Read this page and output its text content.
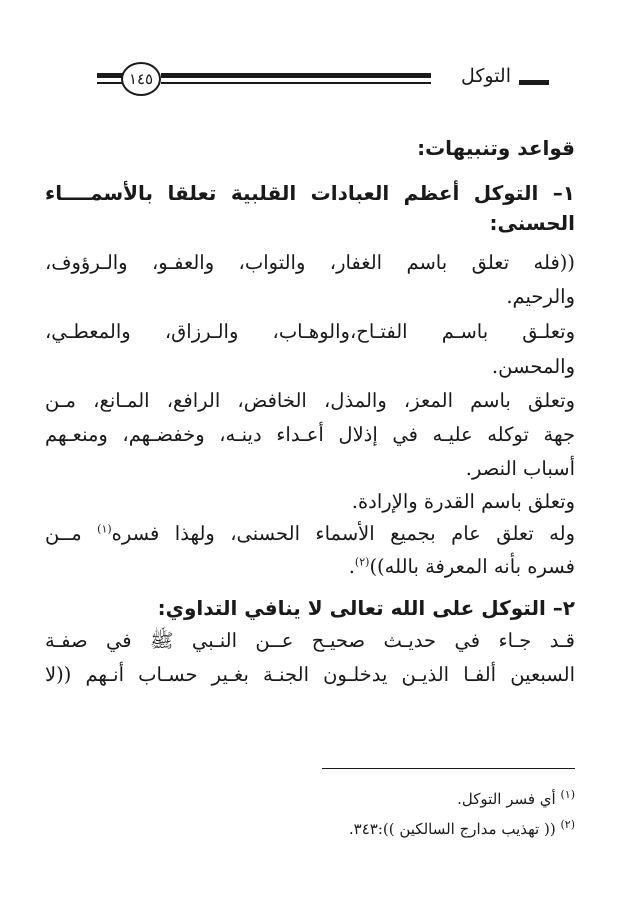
التوكل
١٤٥
قواعد وتنبيهات:
١– التوكل أعظم العبادات القلبية تعلقا بالأسمــــاء
الحسنى:
((فله تعلق باسم الغفار، والتواب، والعفـو، والـرؤوف،
والرحيم.
وتعلـق باسـم الفتـاح،والوهـاب، والـرزاق، والمعطـي،
والمحسن.
وتعلق باسم المعز، والمذل، الخافض، الرافع، المـانع، مـن
جهة توكله عليـه في إذلال أعـداء دينـه، وخفضـهم، ومنعـهم
أسباب النصر.
وتعلق باسم القدرة والإرادة.
وله تعلق عام بجميع الأسماء الحسنى، ولهذا فسره$^{(١)}$ مــن
فسره بأنه المعرفة بالله))$^{(٢)}$.
٢– التوكل على الله تعالى لا ينافي التداوي:
قـد جـاء في حديـث صحيـح عــن النـبي ﷺ في صفـة
السبعين ألفـا الذيـن يدخلـون الجنـة بغـير حسـاب أنـهم ((لا
$^{(١)}$ أي فسر التوكل.
$^{(٢)}$ (( تهذيب مدارج السالكين )):٣٤٣.
